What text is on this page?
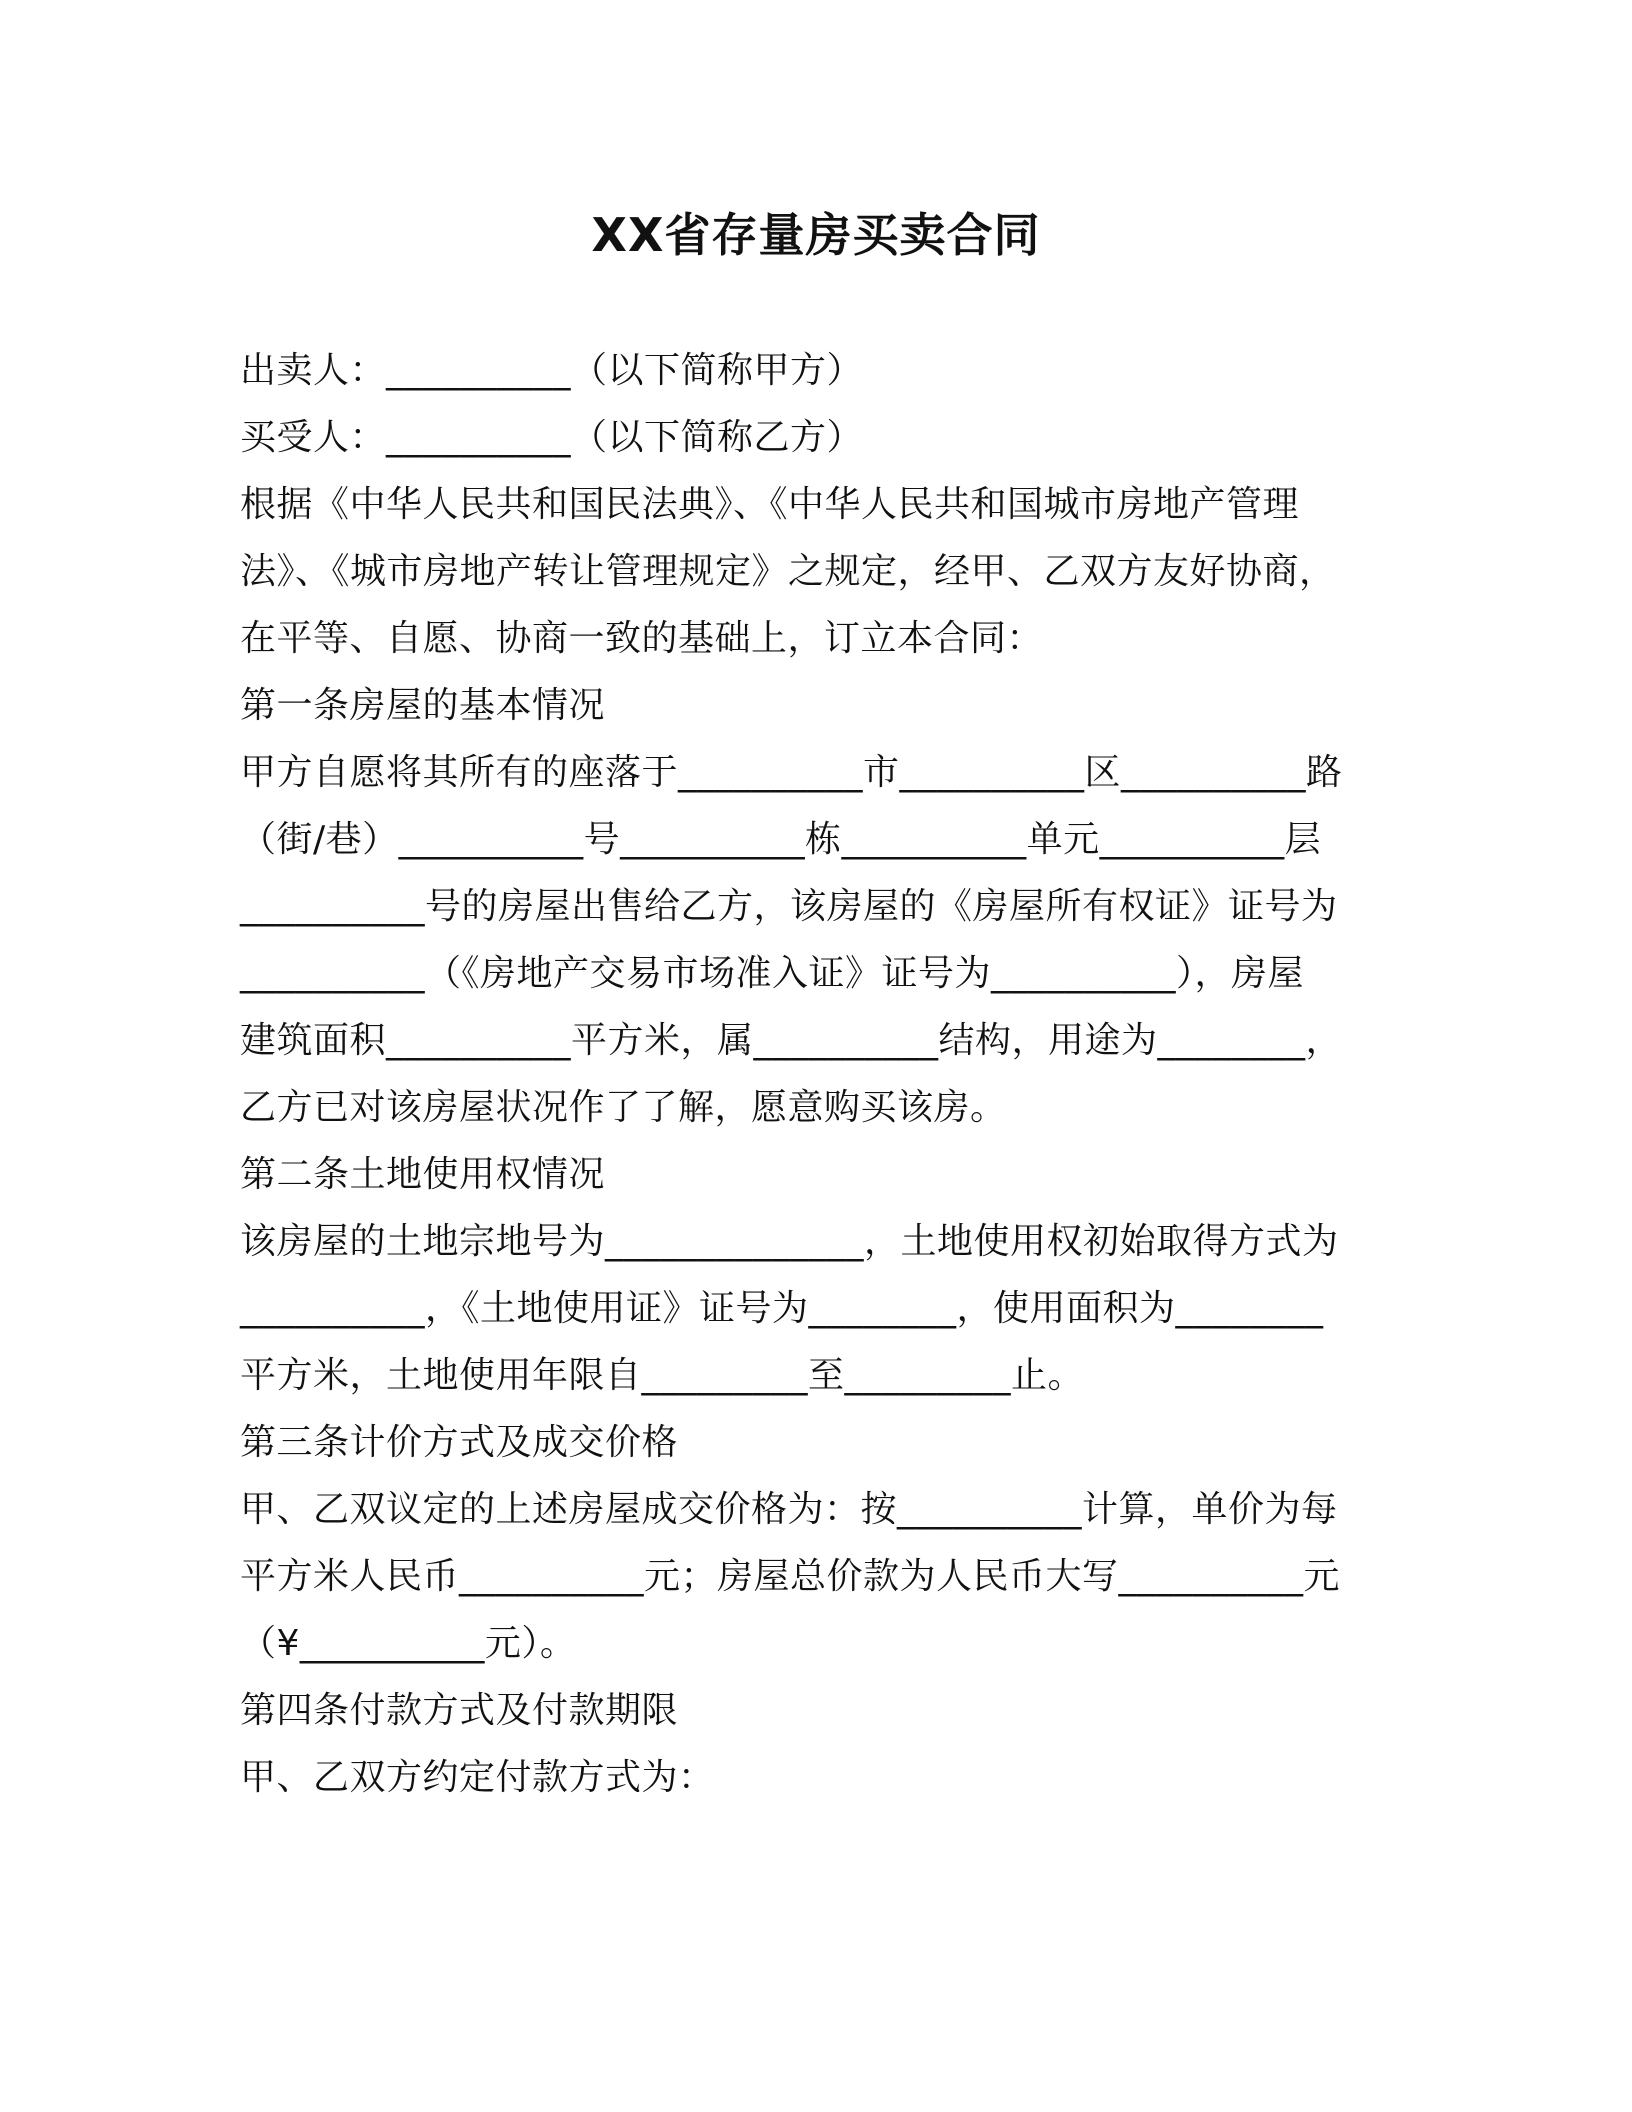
XX省存量房买卖合同
出卖人：__________（以下简称甲方）
买受人：__________（以下简称乙方）
根据《中华人民共和国民法典》、《中华人民共和国城市房地产管理
法》、《城市房地产转让管理规定》之规定，经甲、乙双方友好协商，
在平等、自愿、协商一致的基础上，订立本合同：
第一条房屋的基本情况
甲方自愿将其所有的座落于__________市__________区__________路
（街/巷）__________号__________栋__________单元__________层
__________号的房屋出售给乙方，该房屋的《房屋所有权证》证号为
__________（《房地产交易市场准入证》证号为__________），房屋
建筑面积__________平方米，属__________结构，用途为________，
乙方已对该房屋状况作了了解，愿意购买该房。
第二条土地使用权情况
该房屋的土地宗地号为______________，土地使用权初始取得方式为
__________，《土地使用证》证号为________，使用面积为________
平方米，土地使用年限自_________至_________止。
第三条计价方式及成交价格
甲、乙双议定的上述房屋成交价格为：按__________计算，单价为每
平方米人民币__________元；房屋总价款为人民币大写__________元
（¥__________元）。
第四条付款方式及付款期限
甲、乙双方约定付款方式为：
